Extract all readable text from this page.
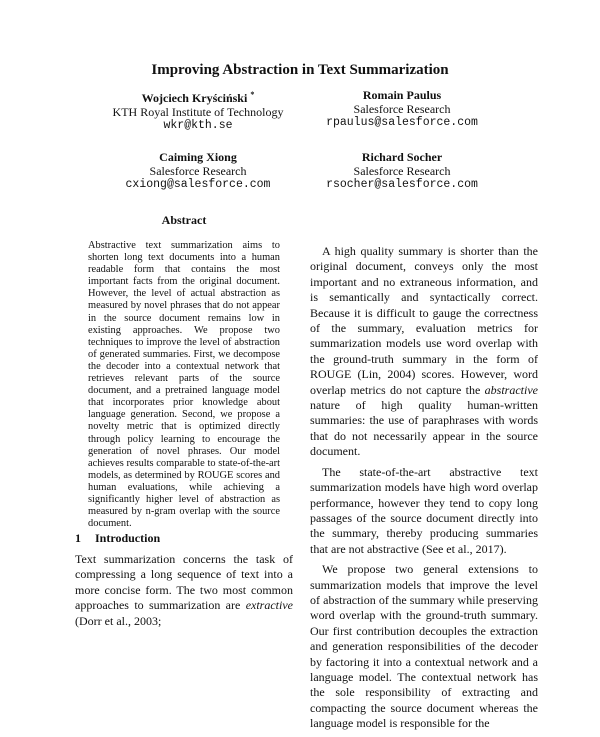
Improving Abstraction in Text Summarization
Wojciech Kryściński *
KTH Royal Institute of Technology
wkr@kth.se
Romain Paulus
Salesforce Research
rpaulus@salesforce.com
Caiming Xiong
Salesforce Research
cxiong@salesforce.com
Richard Socher
Salesforce Research
rsocher@salesforce.com
Abstract
Abstractive text summarization aims to shorten long text documents into a human readable form that contains the most important facts from the original document. However, the level of actual abstraction as measured by novel phrases that do not appear in the source document remains low in existing approaches. We propose two techniques to improve the level of abstraction of generated summaries. First, we decompose the decoder into a contextual network that retrieves relevant parts of the source document, and a pretrained language model that incorporates prior knowledge about language generation. Second, we propose a novelty metric that is optimized directly through policy learning to encourage the generation of novel phrases. Our model achieves results comparable to state-of-the-art models, as determined by ROUGE scores and human evaluations, while achieving a significantly higher level of abstraction as measured by n-gram overlap with the source document.
1 Introduction
Text summarization concerns the task of compressing a long sequence of text into a more concise form. The two most common approaches to summarization are extractive (Dorr et al., 2003;

A high quality summary is shorter than the original document, conveys only the most important and no extraneous information, and is semantically and syntactically correct. Because it is difficult to gauge the correctness of the summary, evaluation metrics for summarization models use word overlap with the ground-truth summary in the form of ROUGE (Lin, 2004) scores. However, word overlap metrics do not capture the abstractive nature of high quality human-written summaries: the use of paraphrases with words that do not necessarily appear in the source document.

The state-of-the-art abstractive text summarization models have high word overlap performance, however they tend to copy long passages of the source document directly into the summary, thereby producing summaries that are not abstractive (See et al., 2017).

We propose two general extensions to summarization models that improve the level of abstraction of the summary while preserving word overlap with the ground-truth summary. Our first contribution decouples the extraction and generation responsibilities of the decoder by factoring it into a contextual network and a language model. The contextual network has the sole responsibility of extracting and compacting the source document whereas the language model is responsible for the
